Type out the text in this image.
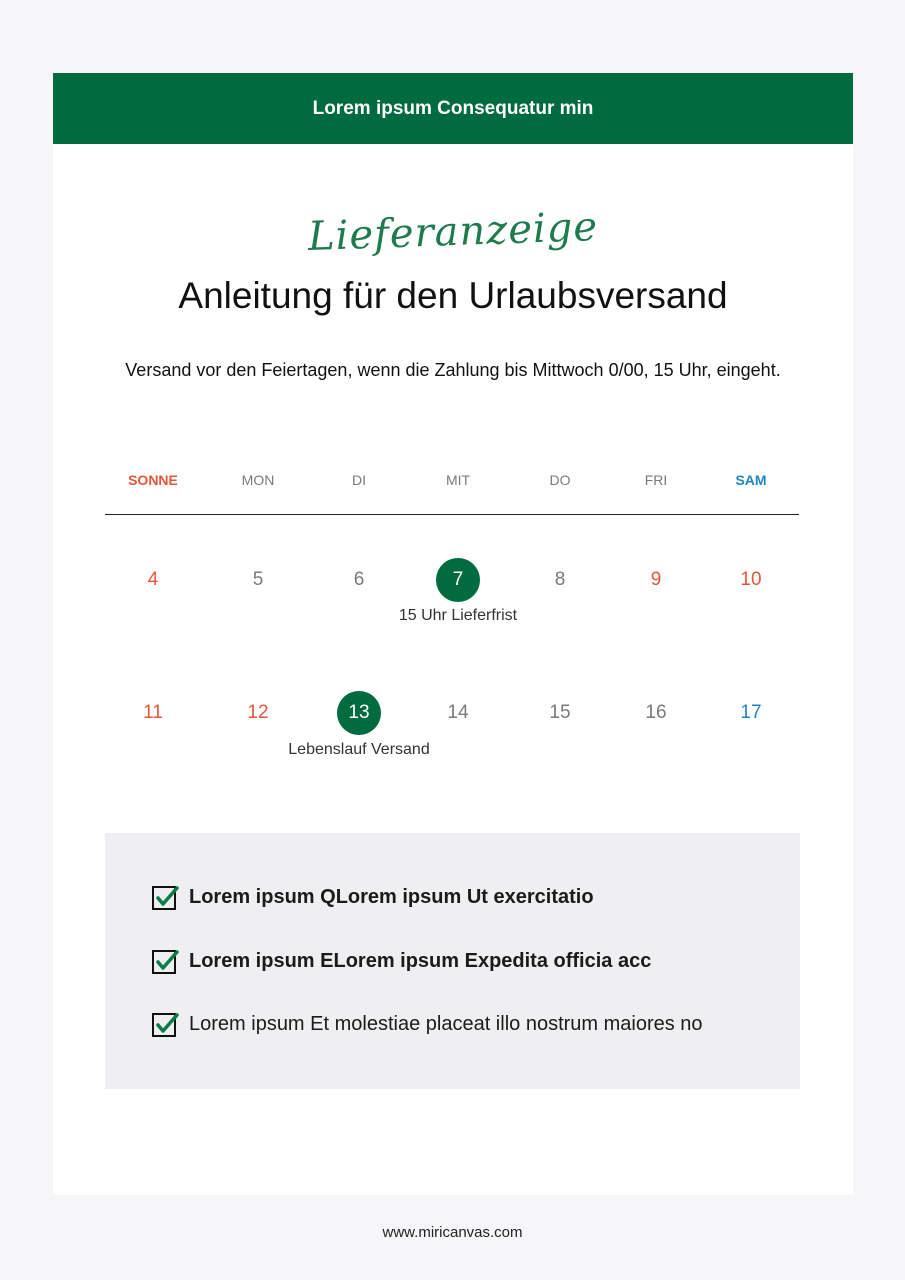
Lorem ipsum Consequatur min
Lieferanzeige
Anleitung für den Urlaubsversand
Versand vor den Feiertagen, wenn die Zahlung bis Mittwoch 0/00, 15 Uhr, eingeht.
SONNE	MON	DI	MIT	DO	FRI	SAM
4	5	6	7	8	9	10
15 Uhr Lieferfrist
11	12	13	14	15	16	17
Lebenslauf Versand
Lorem ipsum QLorem ipsum Ut exercitatio
Lorem ipsum ELorem ipsum Expedita officia acc
Lorem ipsum Et molestiae placeat illo nostrum maiores no
www.miricanvas.com
